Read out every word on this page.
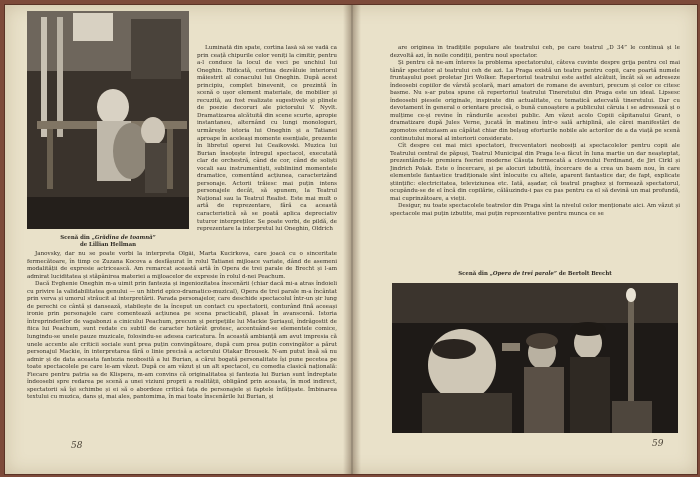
Scenă din „Grădina de toamnă”
de Lillian Hellman

Luminată din spate, cortina lasă să se vadă ca prin ceață chipurile celor veniți la cimitir, pentru a-l conduce la locul de veci pe unchiul lui Oneghin. Ridicată, cortina dezvăluie interiorul măiestrit al conacului lui Oneghin. După acest principiu, complet binevenit, ce prezintă în scenă o ușor element materiale, de mobilier și recuzită, au fost realizate sugestivele și plinele de poezie decoruri ale pictorului V. Nyvlt. Dramatizarea alcătuită din scene scurte, apropie instantaneu, alternând cu lungi monologuri, urmărește istoria lui Oneghin și a Tatianei aproape în aceleași momente esențiale, prezente în libretul operei lui Ceaikovski. Muzica lui Burian însoțește întregul spectacol, executată clar de orchestră, când de cor, când de soliști vocali sau instrumentiști, subliniind momentele dramatice, comentând acțiunea, caracterizând personaje. Actorii trăiesc mai puțin intens personajele decât, să spunem, la Teatrul Național sau la Teatrul Realist. Este mai mult o artă de reprezentare, fără ca această caracteristică să se poată aplica depreciativ tuturor interpreților. Se poate vorbi, de pildă, de reprezentare la interpretul lui Oneghin, Oldrich

Janovsky, dar nu se poate vorbi la interpreta Olgăi, Marta Kucirkova, care joacă cu o sinceritate fermecătoare, în timp ce Zuzana Kocova a desfășurat în rolul Tatianei mijloace variate, dând de asemeni modalității de expresie actricească. Am remarcat această artă în Opera de trei parale de Brecht și l-am admirat luciditatea și stăpânirea materiei a mijloacelor de expresie în rolul d-nei Peachum.

Dacă Evghenie Oneghin m-a uimit prin fantezia și ingeniozitatea înscenării (chiar dacă mi-a atras îndoieli cu privire la validabilitatea genului — un hibrid epico-dramatico-muzical), Opera de trei parale m-a încântat prin verva și umorul străucit al interpretării. Parada personajelor, care deschide spectacolul într-un șir lung de perechi ce cântă și dansează, stabilește de la început un contact cu spectatorii, conturând fină aceeași ironie prin personajele care comentează acțiunea pe scena practicabil, plasat în avanscenă. Istoria întreprinderilor de vagabonzi a cinicului Peachum, precum și peripețiile lui Mackie Șuriașul, îndrăgostit de fiica lui Peachum, sunt redate cu subtil de caracter hotărât grotesc, accentuând-se elementele comice, lungindu-se unele pauze muzicale, folosindu-se adesea caricatura. În această ambianță am avut impresia că unele accente ale criticii sociale sunt prea puțin convingătoare, după cum prea puțin convingător a părut personajul Mackie, în interpretarea fără o linie precisă a actorului Otakar Brousek. N-am putut însă să nu admir și de data aceasta fantezia neobosită a lui Burian, a cărui bogată personalitate își pune pecetea pe toate spectacolele pe care le-am văzut. După ce am văzut și un alt spectacol, cu comedia clasică națională: Fiecare pentru patria sa de Klispera, m-am convins că originalitatea și fantezia lui Burian sunt îndreptate îndeosebi spre redarea pe scenă a unei viziuni proprii a realității, obligând prin aceasta, în mod indirect, spectatorii să își schimbe și ei să o abordeze critică fața de personajele și faptele înfățișate. Îmbinarea textului cu muzica, dans și, mai ales, pantomima, în mai toate înscenările lui Burian, și

58

are originea în tradițiile populare ale teatrului ceh, pe care teatrul „D 34” le continuă și le dezvoltă azi, în noile condiții, pentru noul spectator.

Și pentru că ne-am înteres la problema spectatorului, câteva cuvinte despre grija pentru cel mai tânăr spectator al teatrului ceh de azi. La Praga există un teatru pentru copii, care poartă numele fruntașului poet proletar Jiri Wolker. Repertoriul teatrului este astfel alcătuit, încât să se adreseze îndeosebi copiilor de vârstă școlară, mari amatori de romane de aventuri, precum și celor ce citesc basme. Nu s-ar putea spune că repertoriul teatrului Tineretului din Praga este un ideal. Lipsesc îndeosebi piesele originale, inspirate din actualitate, cu tematică adecvată tineretului. Dar cu devotament în general o orientare precisă, o bună cunoaștere a publicului căruia i se adresează și o mulțime ce-și revine în rândurile acestei public. Am văzut acolo Copiii căpitanului Grant, o dramatizare după Jules Verne, jucată în matineu într-o sală arhiplină, ale cărei manifestări de zgomotos entuziasm au căpătat chiar din belșug eforturile nobile ale actorilor de a da viață pe scenă continutului moral al interiorii considerate.

Cît despre cei mai mici spectatori, frecventatori neobosiți ai spectacolelor pentru copii ale Teatrului central de păpuși, Teatrul Municipal din Praga le-a făcut în luna martie un dar neașteptat, prezentându-le premiera feeriei moderne Căsuța fermecată a clovnului Ferdinand, de Jiri Cirkl și Jindrich Polak. Este o încercare, și pe alocuri izbutită, încercare de a crea un basm nou, în care elementele fantastice tradiționale sînt înlocuite cu altele, aparent fantastice dar, de fapt, explicate științific: electricitatea, televiziunea etc. Iată, așadar, că teatrul praghez și formează spectatorul, ocupându-se de el încă din copilărie, călăuzindu-i pas cu pas pentru ca el să devină un mai profundă, mai cuprinzătoare, a vieții.

Desigur, nu toate spectacolele teatrelor din Praga sînt la nivelul celor menționate aici. Am văzut și spectacole mai puțin izbutite, mai puțin reprezentative pentru munca ce se

Scenă din „Opera de trei parale” de Bertolt Brecht
59
